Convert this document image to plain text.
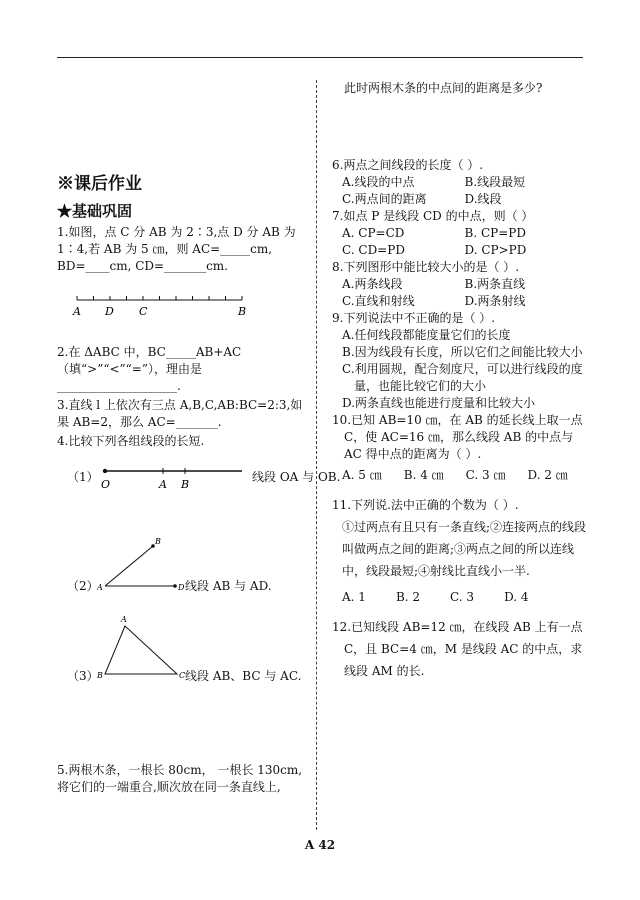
※课后作业

★基础巩固

1.如图，点 C 分 AB 为 2∶3,点 D 分 AB 为 1∶4,若 AB 为 5 ㎝，则 AC=_____cm, BD=____cm, CD=_______cm.

A D C	B

2.在 ΔABC 中，BC_____AB+AC（填“>”“<”“=”），理由是____________________.

3.直线 l 上依次有三点 A,B,C,AB:BC=2:3,如果 AB=2，那么 AC=_______.

4.比较下列各组线段的长短.

（1）
O	A B
线段 OA 与 OB.
（2）
A
B
D 线段 AB 与 AD.
（3）
A
B	C 线段 AB、BC 与 AC.

5.两根木条，一根长 80cm， 一根长 130cm,将它们的一端重合,顺次放在同一条直线上,

此时两根木条的中点间的距离是多少?

6.两点之间线段的长度（ ）.

A.线段的中点	B.线段最短
C.两点间的距离	D.线段

7.如点 P 是线段 CD 的中点，则（ ）

A. CP=CD	B. CP=PD
C. CD=PD	D. CP>PD

8.下列图形中能比较大小的是（ ）.

A.两条线段	B.两条直线
C.直线和射线	D.两条射线

9.下列说法中不正确的是（ ）.

A.任何线段都能度量它们的长度

B.因为线段有长度，所以它们之间能比较大小

C.利用圆规，配合刻度尺，可以进行线段的度量，也能比较它们的大小

D.两条直线也能进行度量和比较大小

10.已知 AB=10 ㎝，在 AB 的延长线上取一点 C，使 AC=16 ㎝，那么线段 AB 的中点与 AC 得中点的距离为（ ）.

A. 5 ㎝ B. 4 ㎝ C. 3 ㎝ D. 2 ㎝

11.下列说.法中正确的个数为（ ）.

①过两点有且只有一条直线;②连接两点的线段叫做两点之间的距离;③两点之间的所以连线中，线段最短;④射线比直线小一半.

A. 1	B. 2	C. 3	D. 4

12.已知线段 AB=12 ㎝，在线段 AB 上有一点 C，且 BC=4 ㎝，M 是线段 AC 的中点，求线段 AM 的长.

A 42
